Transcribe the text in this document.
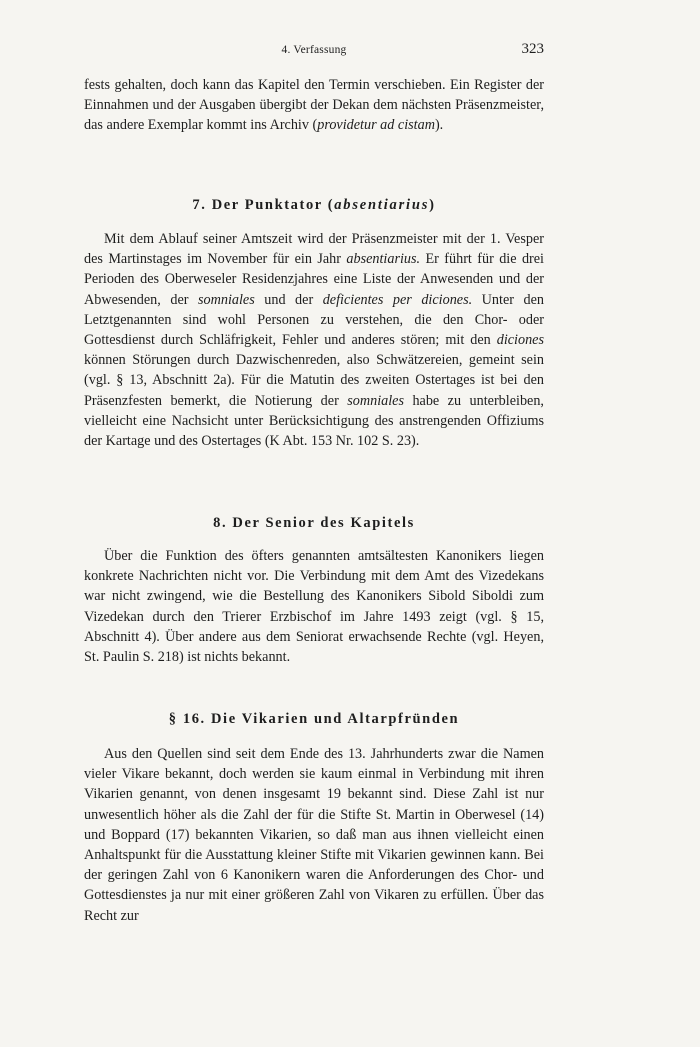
4. Verfassung	323

fests gehalten, doch kann das Kapitel den Termin verschieben. Ein Register der Einnahmen und der Ausgaben übergibt der Dekan dem nächsten Präsenzmeister, das andere Exemplar kommt ins Archiv (providetur ad cistam).

7. Der Punktator (absentiarius)

Mit dem Ablauf seiner Amtszeit wird der Präsenzmeister mit der 1. Vesper des Martinstages im November für ein Jahr absentiarius. Er führt für die drei Perioden des Oberweseler Residenzjahres eine Liste der Anwesenden und der Abwesenden, der somniales und der deficientes per diciones. Unter den Letztgenannten sind wohl Personen zu verstehen, die den Chor- oder Gottesdienst durch Schläfrigkeit, Fehler und anderes stören; mit den diciones können Störungen durch Dazwischenreden, also Schwätzereien, gemeint sein (vgl. § 13, Abschnitt 2a). Für die Matutin des zweiten Ostertages ist bei den Präsenzfesten bemerkt, die Notierung der somniales habe zu unterbleiben, vielleicht eine Nachsicht unter Berücksichtigung des anstrengenden Offiziums der Kartage und des Ostertages (K Abt. 153 Nr. 102 S. 23).

8. Der Senior des Kapitels

Über die Funktion des öfters genannten amtsältesten Kanonikers liegen konkrete Nachrichten nicht vor. Die Verbindung mit dem Amt des Vizedekans war nicht zwingend, wie die Bestellung des Kanonikers Sibold Siboldi zum Vizedekan durch den Trierer Erzbischof im Jahre 1493 zeigt (vgl. § 15, Abschnitt 4). Über andere aus dem Seniorat erwachsende Rechte (vgl. Heyen, St. Paulin S. 218) ist nichts bekannt.

§ 16. Die Vikarien und Altarpfründen

Aus den Quellen sind seit dem Ende des 13. Jahrhunderts zwar die Namen vieler Vikare bekannt, doch werden sie kaum einmal in Verbindung mit ihren Vikarien genannt, von denen insgesamt 19 bekannt sind. Diese Zahl ist nur unwesentlich höher als die Zahl der für die Stifte St. Martin in Oberwesel (14) und Boppard (17) bekannten Vikarien, so daß man aus ihnen vielleicht einen Anhaltspunkt für die Ausstattung kleiner Stifte mit Vikarien gewinnen kann. Bei der geringen Zahl von 6 Kanonikern waren die Anforderungen des Chor- und Gottesdienstes ja nur mit einer größeren Zahl von Vikaren zu erfüllen. Über das Recht zur
